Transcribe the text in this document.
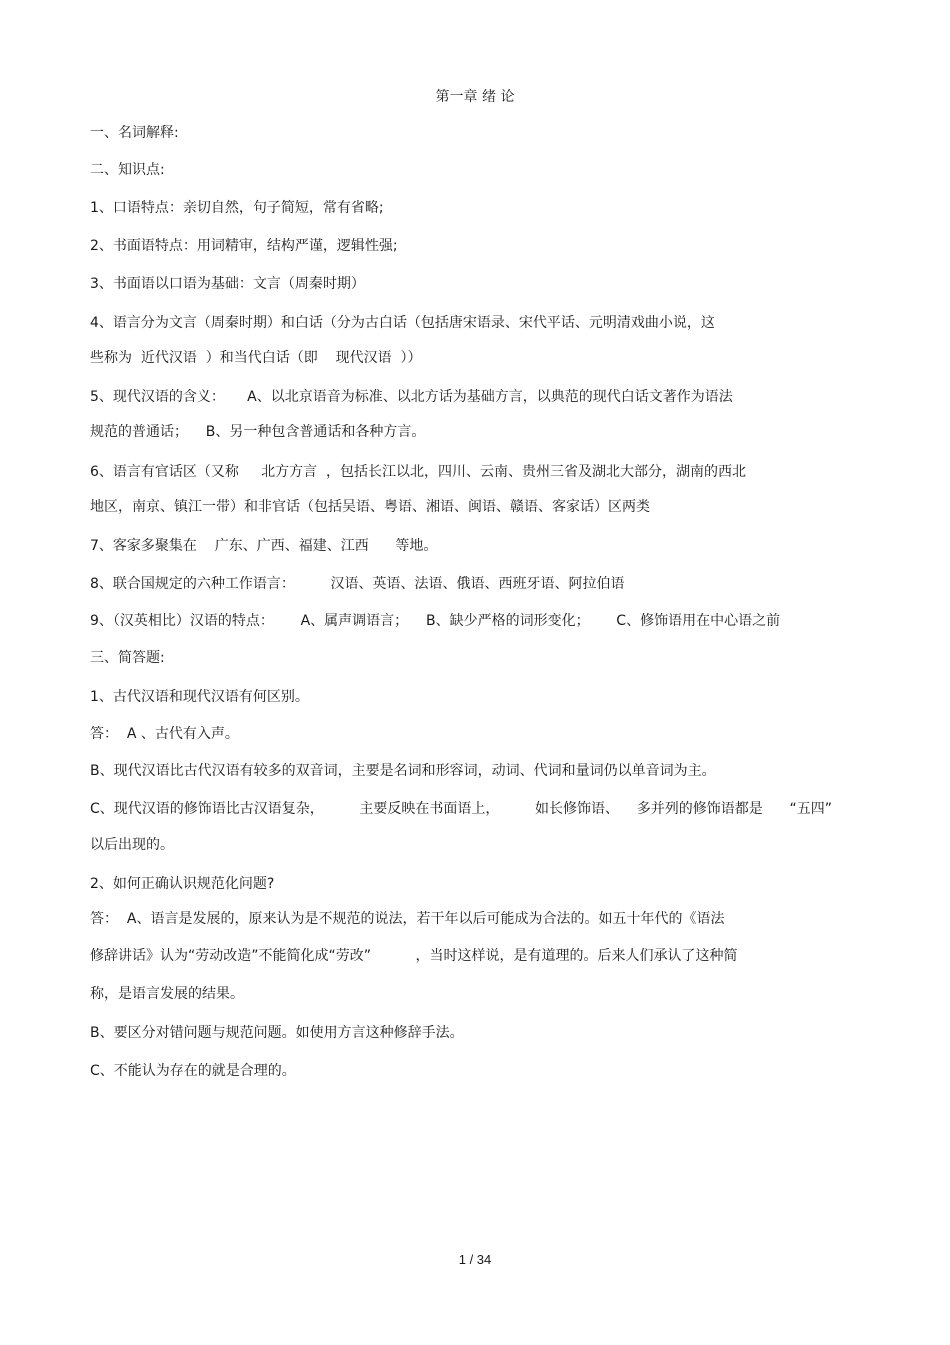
第一章 绪 论
一、名词解释:
二、知识点:
1、口语特点：亲切自然，句子简短，常有省略;
2、书面语特点：用词精审，结构严谨，逻辑性强;
3、书面语以口语为基础：文言（周秦时期）
4、语言分为文言（周秦时期）和白话（分为古白话（包括唐宋语录、宋代平话、元明清戏曲小说，这
些称为  近代汉语  ）和当代白话（即    现代汉语  ））
5、现代汉语的含义：     A、以北京语音为标准、以北方话为基础方言，以典范的现代白话文著作为语法
规范的普通话；    B、另一种包含普通话和各种方言。
6、语言有官话区（又称     北方方言  ，包括长江以北，四川、云南、贵州三省及湖北大部分，湖南的西北
地区，南京、镇江一带）和非官话（包括吴语、粤语、湘语、闽语、赣语、客家话）区两类
7、客家多聚集在    广东、广西、福建、江西      等地。
8、联合国规定的六种工作语言：        汉语、英语、法语、俄语、西班牙语、阿拉伯语
9、（汉英相比）汉语的特点：      A、属声调语言；    B、缺少严格的词形变化；      C、修饰语用在中心语之前
三、简答题:
1、古代汉语和现代汉语有何区别。
答：  A 、古代有入声。
B、现代汉语比古代汉语有较多的双音词，主要是名词和形容词，动词、代词和量词仍以单音词为主。
C、现代汉语的修饰语比古汉语复杂，        主要反映在书面语上，        如长修饰语、    多并列的修饰语都是      “五四”
以后出现的。
2、如何正确认识规范化问题?
答：  A、语言是发展的，原来认为是不规范的说法，若干年以后可能成为合法的。如五十年代的《语法
修辞讲话》认为“劳动改造”不能简化成“劳改”          ，当时这样说，是有道理的。后来人们承认了这种简
称，是语言发展的结果。
B、要区分对错问题与规范问题。如使用方言这种修辞手法。
C、不能认为存在的就是合理的。
1 / 34
